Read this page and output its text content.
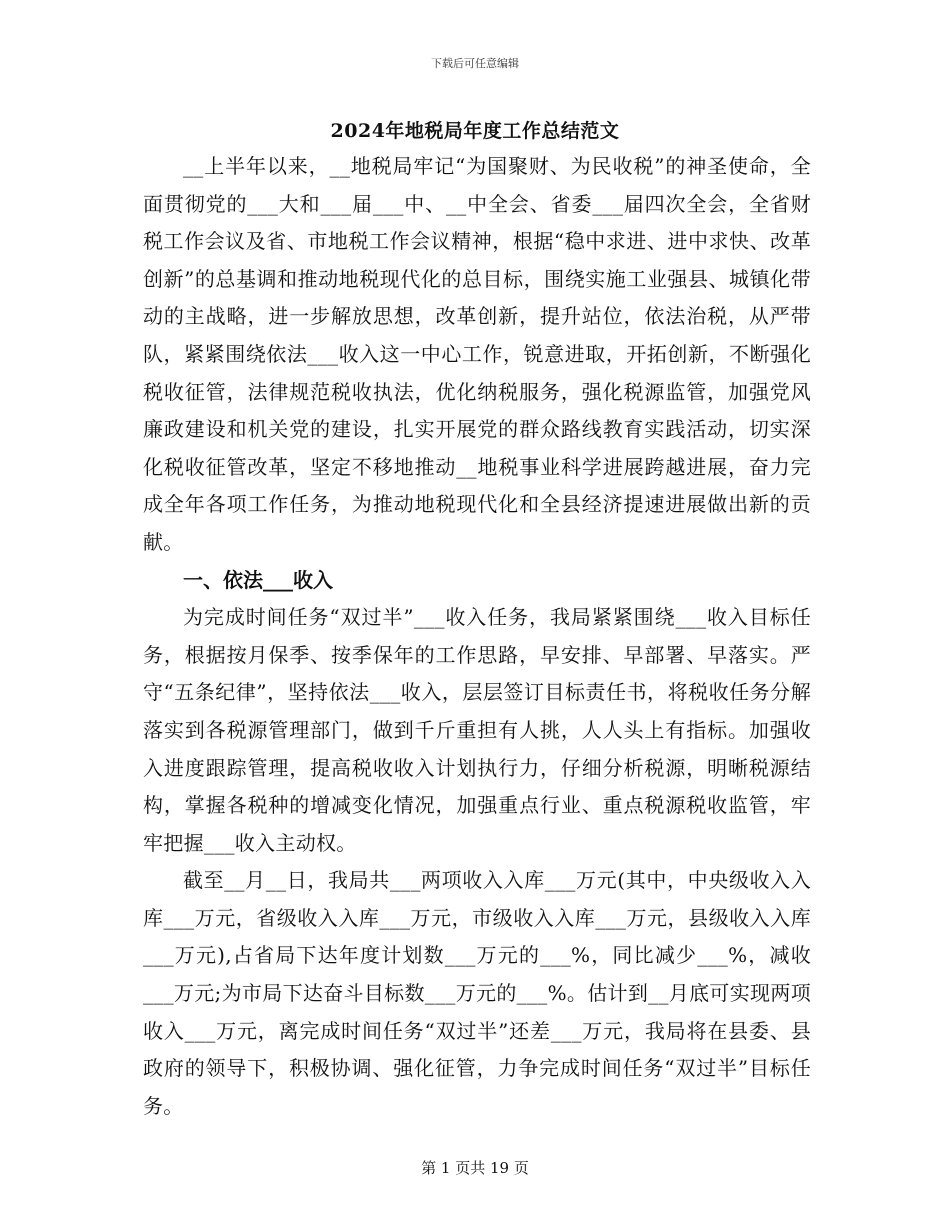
下载后可任意编辑
2024年地税局年度工作总结范文

__上半年以来，__地税局牢记“为国聚财、为民收税”的神圣使命，全面贯彻党的___大和___届___中、__中全会、省委___届四次全会，全省财税工作会议及省、市地税工作会议精神，根据“稳中求进、进中求快、改革创新”的总基调和推动地税现代化的总目标，围绕实施工业强县、城镇化带动的主战略，进一步解放思想，改革创新，提升站位，依法治税，从严带队，紧紧围绕依法___收入这一中心工作，锐意进取，开拓创新，不断强化税收征管，法律规范税收执法，优化纳税服务，强化税源监管，加强党风廉政建设和机关党的建设，扎实开展党的群众路线教育实践活动，切实深化税收征管改革，坚定不移地推动__地税事业科学进展跨越进展，奋力完成全年各项工作任务，为推动地税现代化和全县经济提速进展做出新的贡献。

一、依法___收入

为完成时间任务“双过半”___收入任务，我局紧紧围绕___收入目标任务，根据按月保季、按季保年的工作思路，早安排、早部署、早落实。严守“五条纪律”，坚持依法___收入，层层签订目标责任书，将税收任务分解落实到各税源管理部门，做到千斤重担有人挑，人人头上有指标。加强收入进度跟踪管理，提高税收收入计划执行力，仔细分析税源，明晰税源结构，掌握各税种的增减变化情况，加强重点行业、重点税源税收监管，牢牢把握___收入主动权。

截至__月__日，我局共___两项收入入库___万元(其中，中央级收入入库___万元，省级收入入库___万元，市级收入入库___万元，县级收入入库___万元),占省局下达年度计划数___万元的___%，同比减少___%，减收___万元;为市局下达奋斗目标数___万元的___%。估计到__月底可实现两项收入___万元，离完成时间任务“双过半”还差___万元，我局将在县委、县政府的领导下，积极协调、强化征管，力争完成时间任务“双过半”目标任务。

第 1 页共 19 页
